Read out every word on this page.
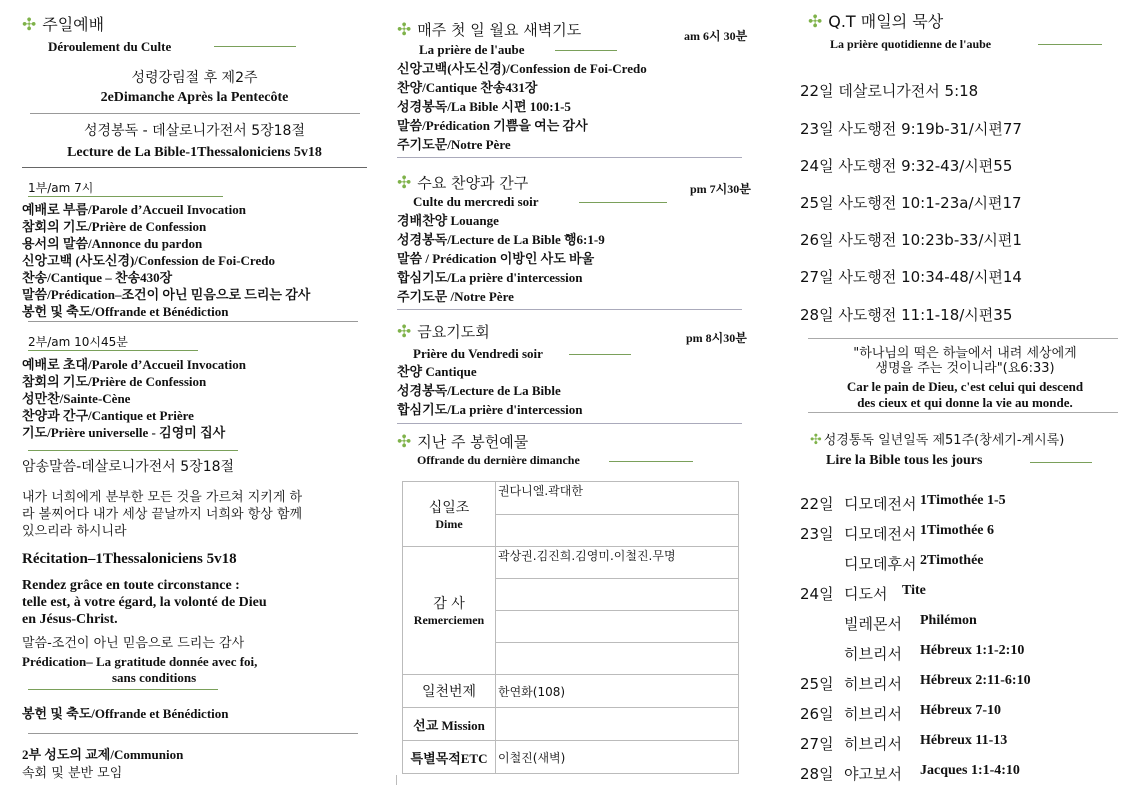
✣ 주일예배
Déroulement du Culte
성령강림절 후 제2주
2eDimanche Après la Pentecôte
성경봉독 - 데살로니가전서 5장18절
Lecture de La Bible-1Thessaloniciens 5v18
1부/am 7시
예배로 부름/Parole d’Accueil Invocation
참회의 기도/Prière de Confession
용서의 말씀/Annonce du pardon
신앙고백 (사도신경)/Confession de Foi-Credo
찬송/Cantique – 찬송430장
말씀/Prédication–조건이 아닌 믿음으로 드리는 감사
봉헌 및 축도/Offrande et Bénédiction
2부/am 10시45분
예배로 초대/Parole d’Accueil Invocation
참회의 기도/Prière de Confession
성만찬/Sainte-Cène
찬양과 간구/Cantique et Prière
기도/Prière universelle - 김영미 집사
암송말씀-데살로니가전서 5장18절
내가 너희에게 분부한 모든 것을 가르쳐 지키게 하
라 볼찌어다 내가 세상 끝날까지 너희와 항상 함께
있으리라 하시니라
Récitation–1Thessaloniciens 5v18
Rendez grâce en toute circonstance :
telle est, à votre égard, la volonté de Dieu
en Jésus-Christ.
말씀-조건이 아닌 믿음으로 드리는 감사
Prédication– La gratitude donnée avec foi,
sans conditions
봉헌 및 축도/Offrande et Bénédiction
2부 성도의 교제/Communion
속회 및 분반 모임
✣ 매주 첫 일 월요 새벽기도	am 6시 30분
La prière de l'aube
신앙고백(사도신경)/Confession de Foi-Credo
찬양/Cantique 찬송431장
성경봉독/La Bible 시편 100:1-5
말씀/Prédication 기쁨을 여는 감사
주기도문/Notre Père
✣ 수요 찬양과 간구	pm 7시30분
Culte du mercredi soir
경배찬양 Louange
성경봉독/Lecture de La Bible 행6:1-9
말씀 / Prédication 이방인 사도 바울
합심기도/La prière d'intercession
주기도문 /Notre Père
✣ 금요기도회	pm 8시30분
Prière du Vendredi soir
찬양 Cantique
성경봉독/Lecture de La Bible
합심기도/La prière d'intercession
✣ 지난 주 봉헌예물
Offrande du dernière dimanche
십일조
Dime	권다니엘.곽대한

감 사
Remerciemen	곽상권.김진희.김영미.이철진.무명

일천번제	한연화(108)
선교 Mission	
특별목적ETC	이철진(새벽)
✣ Q.T 매일의 묵상
La prière quotidienne de l'aube
22일 데살로니가전서 5:18
23일 사도행전 9:19b-31/시편77
24일 사도행전 9:32-43/시편55
25일 사도행전 10:1-23a/시편17
26일 사도행전 10:23b-33/시편1
27일 사도행전 10:34-48/시편14
28일 사도행전 11:1-18/시편35
"하나님의 떡은 하늘에서 내려 세상에게
생명을 주는 것이니라"(요6:33)
Car le pain de Dieu, c'est celui qui descend
des cieux et qui donne la vie au monde.
✣ 성경통독 일년일독 제51주(창세기-계시록)
Lire la Bible tous les jours
22일 디모데전서 1Timothée 1-5
23일 디모데전서 1Timothée 6
디모데후서 2Timothée
24일 디도서 Tite
빌레몬서 Philémon
히브리서 Hébreux 1:1-2:10
25일 히브리서 Hébreux 2:11-6:10
26일 히브리서 Hébreux 7-10
27일 히브리서 Hébreux 11-13
28일 야고보서 Jacques 1:1-4:10
